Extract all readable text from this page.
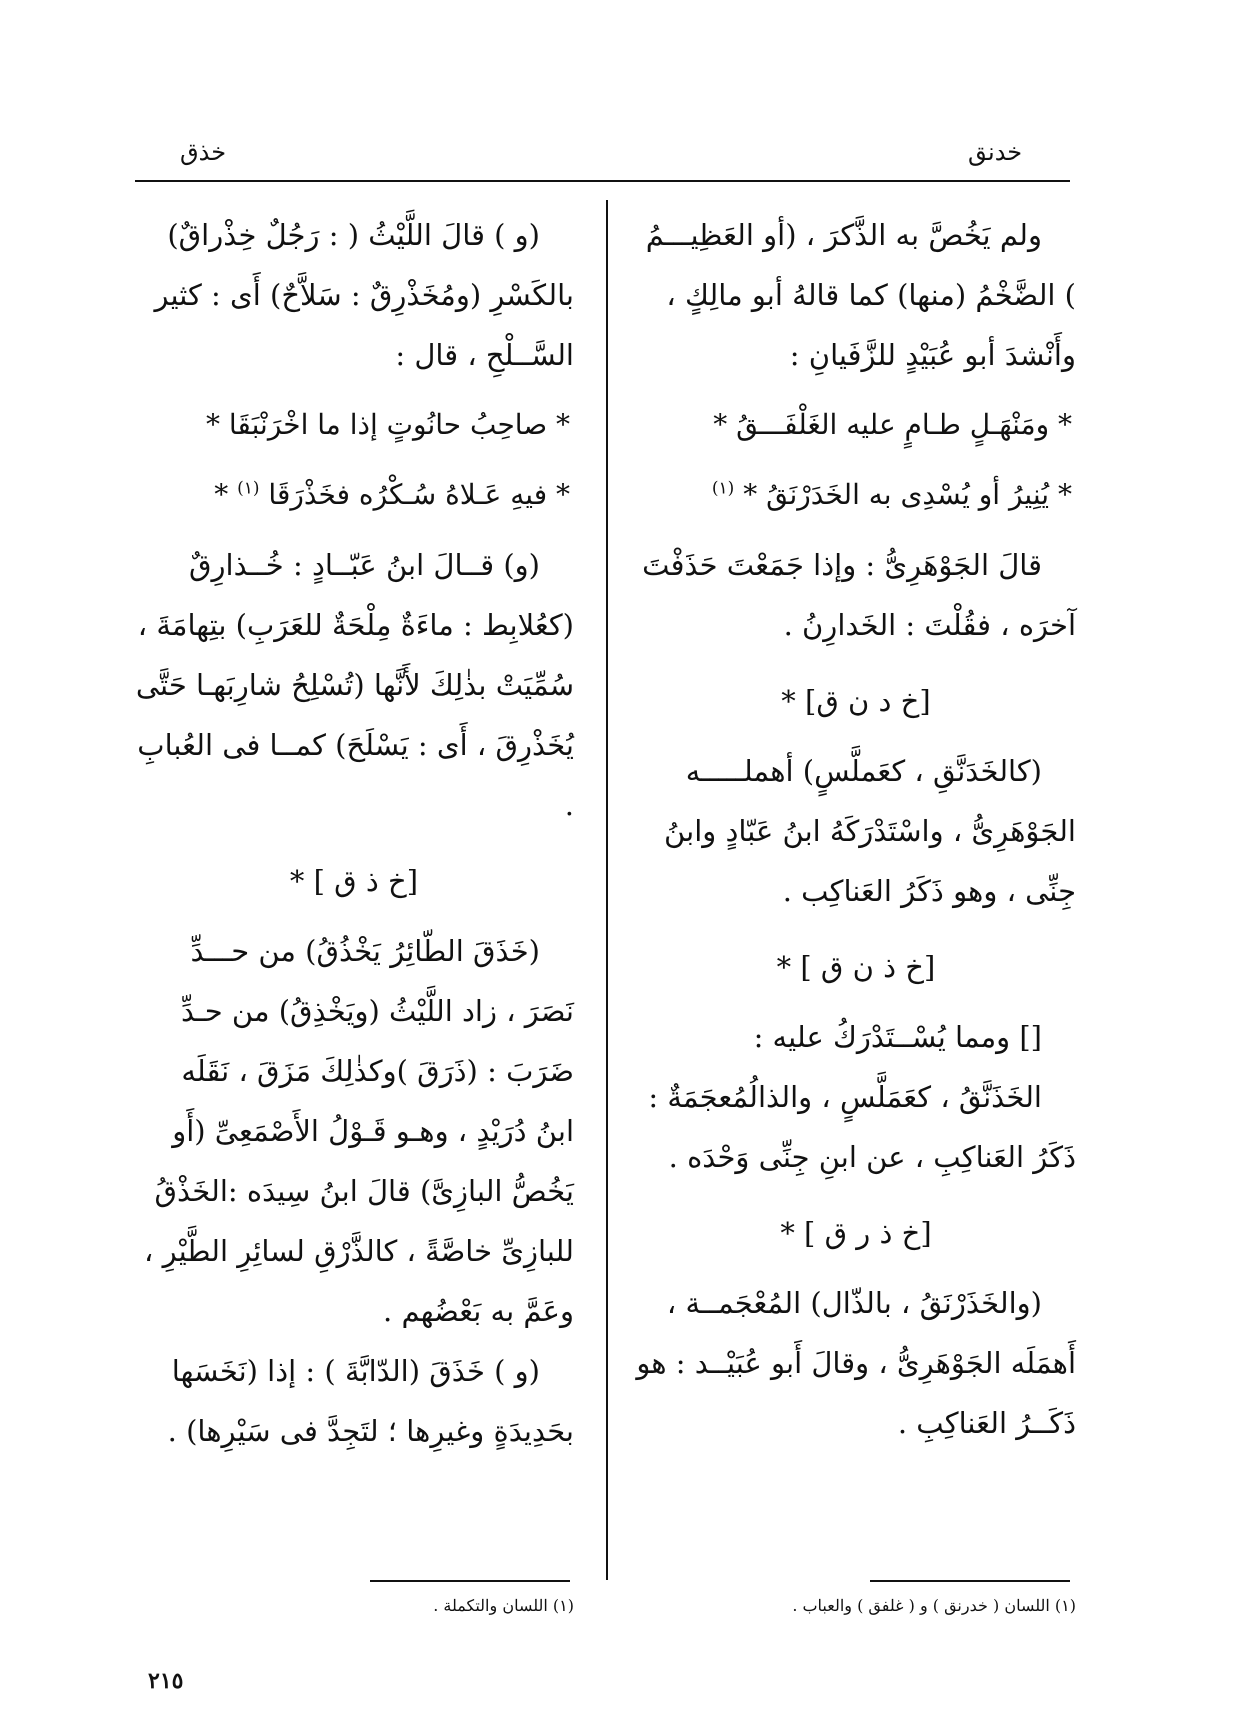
خدنق
خذق

ولم يَخُصَّ به الذَّكرَ ، (أو العَظِيـــمُ ) الضَّخْمُ (منها) كما قالهُ أبو مالِكٍ ، وأَنْشدَ أبو عُبَيْدٍ للزَّفَيانِ :

* ومَنْهَـلٍ طـامٍ عليه الغَلْفَـــقُ *

* يُنِيرُ أو يُسْدِى به الخَدَرْنَقُ * $^{(١)}$

قالَ الجَوْهَرِىُّ : وإذا جَمَعْتَ حَذَفْتَ آخرَه ، فقُلْتَ : الخَدارِنُ .

[خ د ن ق] *

(كالخَدَنَّقِ ، كعَملَّسٍ) أهملـــــه الجَوْهَرِىُّ ، واسْتَدْرَكَهُ ابنُ عَبّادٍ وابنُ جِنِّى ، وهو ذَكَرُ العَناكِب .

[خ ذ ن ق ] *

[] ومما يُسْــتَدْرَكُ عليه :

الخَذَنَّقُ ، كعَمَلَّسٍ ، والذالُمُعجَمَةٌ : ذَكَرُ العَناكِبِ ، عن ابنِ جِنِّى وَحْدَه .

[خ ذ ر ق ] *

(والخَذَرْنَقُ ، بالذّال) المُعْجَمــة ، أَهمَلَه الجَوْهَرِىُّ ، وقالَ أَبو عُبَيْــد : هو ذَكَــرُ العَناكِبِ .

(و ) قالَ اللَّيْثُ ( : رَجُلٌ خِذْراقٌ) بالكَسْرِ (ومُخَذْرِقٌ : سَلاَّحٌ) أَى : كثير السَّــلْحِ ، قال :

* صاحِبُ حانُوتٍ إذا ما اخْرَنْبَقَا *

* فيهِ عَـلاهُ سُـكْرُه فخَذْرَقَا $^{(١)}$ *

(و) قــالَ ابنُ عَبّــادٍ : خُــذارِقٌ (كعُلابِط : ماءَةٌ مِلْحَةٌ للعَرَبِ) بتِهامَةَ ، سُمِّيَتْ بذٰلِكَ لأَنَّها (تُسْلِحُ شارِبَهـا حَتَّى يُخَذْرِقَ ، أَى : يَسْلَحَ) كمــا فى العُبابِ .

[خ ذ ق ] *

(خَذَقَ الطّائِرُ يَخْذُقُ) من حـــدِّ نَصَرَ ، زاد اللَّيْثُ (ويَخْذِقُ) من حـدِّ ضَرَبَ : (ذَرَقَ )وكذٰلِكَ مَزَقَ ، نَقَلَه ابنُ دُرَيْدٍ ، وهـو قَـوْلُ الأَصْمَعِىِّ (أَو يَخُصُّ البازِىَّ) قالَ ابنُ سِيدَه :الخَذْقُ للبازِىِّ خاصَّةً ، كالذَّرْقِ لسائِرِ الطَّيْرِ ، وعَمَّ به بَعْضُهم .

(و ) خَذَقَ (الدّابَّةَ ) : إذا (نَخَسَها بحَدِيدَةٍ وغيرِها ؛ لتَجِدَّ فى سَيْرِها) .

(١) اللسان ( خدرنق ) و ( غلفق ) والعباب .
(١) اللسان والتكملة .
٢١٥
